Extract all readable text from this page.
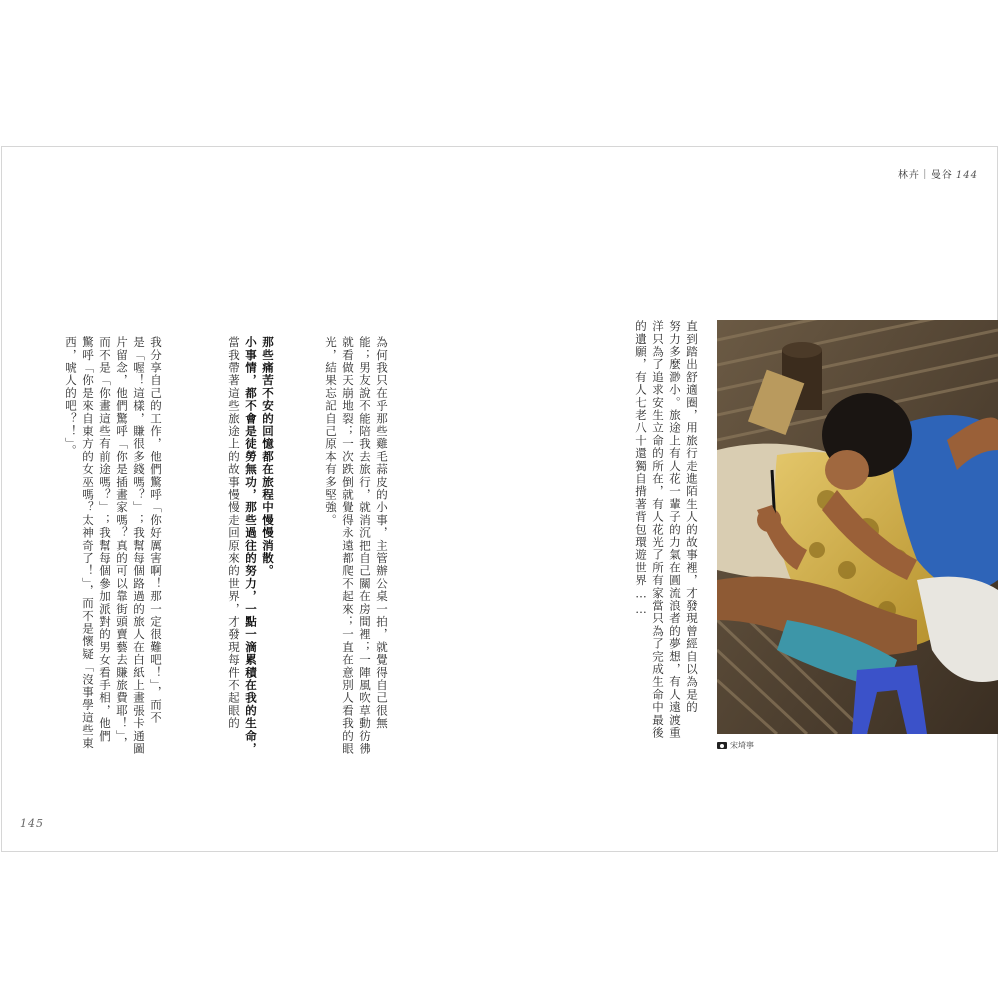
林卉｜曼谷 144
直到踏出舒適圈，用旅行走進陌生人的故事裡，才發現曾經自以為是的
努力多麼渺小。旅途上有人花一輩子的力氣在圓流浪者的夢想，有人遠渡重
洋只為了追求安生立命的所在，有人花光了所有家當只為了完成生命中最後
的遺願，有人七老八十還獨自揹著背包環遊世界……
宋埼寧
為何我只在乎那些雞毛蒜皮的小事，主管辦公桌一拍，就覺得自己很無
能；男友說不能陪我去旅行，就消沉把自己關在房間裡；一陣風吹草動彷彿
就看做天崩地裂；一次跌倒就覺得永遠都爬不起來；一直在意別人看我的眼
光，結果忘記自己原本有多堅強。
那些痛苦不安的回憶都在旅程中慢慢消散。
小事情，都不會是徒勞無功，那些過往的努力，一點一滴累積在我的生命，
當我帶著這些旅途上的故事慢慢走回原來的世界，才發現每件不起眼的
我分享自己的工作，他們驚呼「你好厲害啊！那一定很難吧！」，而不
是「喔！這樣，賺很多錢嗎？」；我幫每個路過的旅人在白紙上畫張卡通圖
片留念，他們驚呼「你是插畫家嗎？真的可以靠街頭賣藝去賺旅費耶！」，
而不是「你畫這些有前途嗎？」；我幫每個參加派對的男女看手相，他們
驚呼「你是來自東方的女巫嗎？太神奇了！」，而不是懷疑「沒事學這些東
西，唬人的吧？！」。
145
